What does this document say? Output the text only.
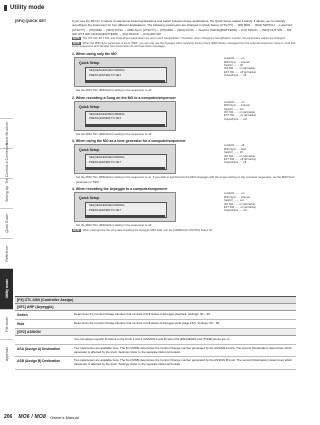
Utility mode
Basic Structure
The Controls & Connectors
Setting Up
Quick Guide
Reference
Utility mode
File mode
Appendix
[SF4] QUICK SET	If you use the MO for a variety of sequencer-based applications and switch between those applications, the Quick Setup makes it handy. It allows you to instantly reconfigure the instrument for four different applications. The following parameters are changed in Quick Setup: [UTILITY] → [F5] MIDI → [SF2] SWITCH → Local Ctrl; [UTILITY] → [F5] MIDI → [SF3] SYNC → MIDI Sync; [UTILITY] → [F5] MIDI → [SF3] SYNC → SeqCtrl; [SONG]/[PATTERN] → [F3] TRACK → [SF3] OUT SW → INT SW, EXT SW; [SONG]/[PATTERN] → [F3] TRACK → [F4] ARP SW
NOTE The INT SW, EXT SW, and Output/Input parameters are set to each Song/Pattern. Therefore, when changing a Song/Pattern number, the parameters values are changed.
NOTE When the MIDI Sync parameter is set to 'MIDI', you can only use the Arpeggio when receiving Timing Clock (MIDI Clock) messages from the external sequencer. Keep in mind that some sequencers and Yamaha Tone Generators do not have these messages.
1. When using only the MO
Quick Setup
SEQUENCER RECORDING
PRESS [ENTER] TO SET
LocalCtrl ........ on
MIDI Sync ..... internal
SeqCtrl ........ off
INT SW ....... on (all tracks)
EXT SW ....... off (all tracks)
Output/Input ..... off
Set the MIDI Thru (MIDI Echo) setting in the sequencer to off.
2. When recording a Song on the MO to a computer/sequencer
Quick Setup
SEQUENCER RECORDING
PRESS [ENTER] TO SET
LocalCtrl ........ on
MIDI Sync ..... internal
SeqCtrl ........ out
INT SW ....... on (all tracks)
EXT SW ....... on (all tracks)
Output/Input ..... out
Set the MIDI Thru (MIDI Echo) setting in the sequencer to off.
3. When using the MO as a tone generator for a computer/sequencer
Quick Setup
SEQUENCER RECORDING
PRESS [ENTER] TO SET
LocalCtrl ........ off
MIDI Sync ..... auto
SeqCtrl ........ off
INT SW ....... on (all tracks)
EXT SW ....... off (all tracks)
Output/Input ..... off
Set the MIDI Thru (MIDI Echo) setting in the sequencer to on. If you wish to synchronize the MO's Arpeggio with the tempo setting on the computer sequencer, set the MIDI Sync parameter to 'MIDI.'
4. When recording the Arpeggio to a computer/sequencer
Quick Setup
SEQUENCER RECORDING
PRESS [ENTER] TO SET
LocalCtrl ........ on
MIDI Sync ..... internal
SeqCtrl ........ out
INT SW ....... on (all tracks)
EXT SW ....... on (all tracks)
Output/Input ..... out
Set the MIDI Thru (MIDI Echo) setting in the sequencer to off.
NOTE When playing back the song data including the Arpeggio MIDI data, turn the [ARPEGGIO ON/OFF] button off.
[F4] CTL ASN (Controller Assign)
[SF1] ARP (Arpeggio)
Switch	Determines the Control Change Number that controls on/off status of Arpeggio playback. Settings: 00 ~ 95
Hold	Determines the Control Change Number that controls on/off status of Arpeggio Hold (page 152). Settings: 00 ~ 95
[SF2] ASSIGN
You can assign specific functions to the Knob 1 and 2 (ASSIGN A and B) when the [PAN/SEND] and [TONE] lamps are on.
ASA (Assign A) Destination	Two parameters are available here. The first (MSB) determines the Control Change number generated by the ASSIGN A knob. The second (Destination) determines which parameter is affected by the knob. Settings: Refer to the separate Data List booklet.
ASB (Assign B) Destination	Two parameters are available here. The first (MSB) determines the Control Change number generated by the ASSIGN B knob. The second (Destination) determines which parameter is affected by the knob. Settings: Refer to the separate Data List booklet.
206 MO6 / MO8 Owner's Manual
